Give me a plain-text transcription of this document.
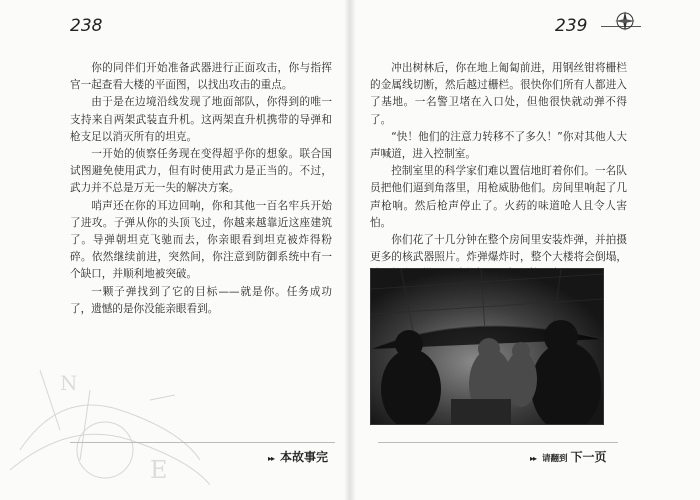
N
E
238	239

你的同伴们开始准备武器进行正面攻击，你与指挥官一起查看大楼的平面图，以找出攻击的重点。

由于是在边境沿线发现了地面部队，你得到的唯一支持来自两架武装直升机。这两架直升机携带的导弹和枪支足以消灭所有的坦克。

一开始的侦察任务现在变得超乎你的想象。联合国试图避免使用武力，但有时使用武力是正当的。不过，武力并不总是万无一失的解决方案。

哨声还在你的耳边回响，你和其他一百名牢兵开始了进攻。子弹从你的头顶飞过，你越来越靠近这座建筑了。导弹朝坦克飞驰而去，你亲眼看到坦克被炸得粉碎。依然继续前进，突然间，你注意到防御系统中有一个缺口，并顺利地被突破。

一颗子弹找到了它的目标——就是你。任务成功了，遗憾的是你没能亲眼看到。

冲出树林后，你在地上匍匐前进，用钢丝钳将栅栏的金属线切断，然后越过栅栏。很快你们所有人都进入了基地。一名警卫堵在入口处，但他很快就动弹不得了。

“快！他们的注意力转移不了多久！”你对其他人大声喊道，进入控制室。

控制室里的科学家们难以置信地盯着你们。一名队员把他们逼到角落里，用枪威胁他们。房间里响起了几声枪响。然后枪声停止了。火药的味道呛人且令人害怕。

你们花了十几分钟在整个房间里安装炸弹，并拍摄更多的核武器照片。炸弹爆炸时，整个大楼将会倒塌，

▸▸ 本故事完	▸▸ 请翻到 下一页
